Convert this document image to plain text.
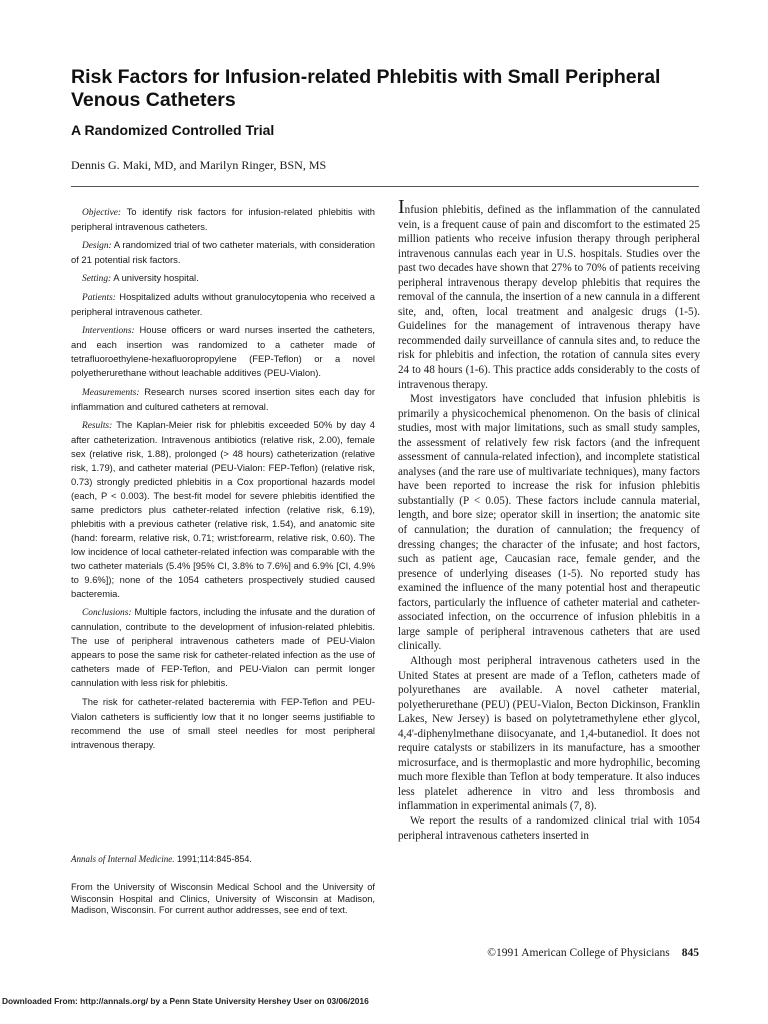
Risk Factors for Infusion-related Phlebitis with Small Peripheral Venous Catheters
A Randomized Controlled Trial

Dennis G. Maki, MD, and Marilyn Ringer, BSN, MS

Objective: To identify risk factors for infusion-related phlebitis with peripheral intravenous catheters.

Design: A randomized trial of two catheter materials, with consideration of 21 potential risk factors.

Setting: A university hospital.

Patients: Hospitalized adults without granulocytopenia who received a peripheral intravenous catheter.

Interventions: House officers or ward nurses inserted the catheters, and each insertion was randomized to a catheter made of tetrafluoroethylene-hexafluoropropylene (FEP-Teflon) or a novel polyetherurethane without leachable additives (PEU-Vialon).

Measurements: Research nurses scored insertion sites each day for inflammation and cultured catheters at removal.

Results: The Kaplan-Meier risk for phlebitis exceeded 50% by day 4 after catheterization. Intravenous antibiotics (relative risk, 2.00), female sex (relative risk, 1.88), prolonged (> 48 hours) catheterization (relative risk, 1.79), and catheter material (PEU-Vialon: FEP-Teflon) (relative risk, 0.73) strongly predicted phlebitis in a Cox proportional hazards model (each, P < 0.003). The best-fit model for severe phlebitis identified the same predictors plus catheter-related infection (relative risk, 6.19), phlebitis with a previous catheter (relative risk, 1.54), and anatomic site (hand: forearm, relative risk, 0.71; wrist:forearm, relative risk, 0.60). The low incidence of local catheter-related infection was comparable with the two catheter materials (5.4% [95% CI, 3.8% to 7.6%] and 6.9% [CI, 4.9% to 9.6%]); none of the 1054 catheters prospectively studied caused bacteremia.

Conclusions: Multiple factors, including the infusate and the duration of cannulation, contribute to the development of infusion-related phlebitis. The use of peripheral intravenous catheters made of PEU-Vialon appears to pose the same risk for catheter-related infection as the use of catheters made of FEP-Teflon, and PEU-Vialon can permit longer cannulation with less risk for phlebitis.

The risk for catheter-related bacteremia with FEP-Teflon and PEU-Vialon catheters is sufficiently low that it no longer seems justifiable to recommend the use of small steel needles for most peripheral intravenous therapy.

Annals of Internal Medicine. 1991;114:845-854.

From the University of Wisconsin Medical School and the University of Wisconsin Hospital and Clinics, University of Wisconsin at Madison, Madison, Wisconsin. For current author addresses, see end of text.

Infusion phlebitis, defined as the inflammation of the cannulated vein, is a frequent cause of pain and discomfort to the estimated 25 million patients who receive infusion therapy through peripheral intravenous cannulas each year in U.S. hospitals. Studies over the past two decades have shown that 27% to 70% of patients receiving peripheral intravenous therapy develop phlebitis that requires the removal of the cannula, the insertion of a new cannula in a different site, and, often, local treatment and analgesic drugs (1-5). Guidelines for the management of intravenous therapy have recommended daily surveillance of cannula sites and, to reduce the risk for phlebitis and infection, the rotation of cannula sites every 24 to 48 hours (1-6). This practice adds considerably to the costs of intravenous therapy.

Most investigators have concluded that infusion phlebitis is primarily a physicochemical phenomenon. On the basis of clinical studies, most with major limitations, such as small study samples, the assessment of relatively few risk factors (and the infrequent assessment of cannula-related infection), and incomplete statistical analyses (and the rare use of multivariate techniques), many factors have been reported to increase the risk for infusion phlebitis substantially (P < 0.05). These factors include cannula material, length, and bore size; operator skill in insertion; the anatomic site of cannulation; the duration of cannulation; the frequency of dressing changes; the character of the infusate; and host factors, such as patient age, Caucasian race, female gender, and the presence of underlying diseases (1-5). No reported study has examined the influence of the many potential host and therapeutic factors, particularly the influence of catheter material and catheter-associated infection, on the occurrence of infusion phlebitis in a large sample of peripheral intravenous catheters that are used clinically.

Although most peripheral intravenous catheters used in the United States at present are made of a Teflon, catheters made of polyurethanes are available. A novel catheter material, polyetherurethane (PEU) (PEU-Vialon, Becton Dickinson, Franklin Lakes, New Jersey) is based on polytetramethylene ether glycol, 4,4'-diphenylmethane diisocyanate, and 1,4-butanediol. It does not require catalysts or stabilizers in its manufacture, has a smoother microsurface, and is thermoplastic and more hydrophilic, becoming much more flexible than Teflon at body temperature. It also induces less platelet adherence in vitro and less thrombosis and inflammation in experimental animals (7, 8).

We report the results of a randomized clinical trial with 1054 peripheral intravenous catheters inserted in

©1991 American College of Physicians 845

Downloaded From: http://annals.org/ by a Penn State University Hershey User on 03/06/2016
